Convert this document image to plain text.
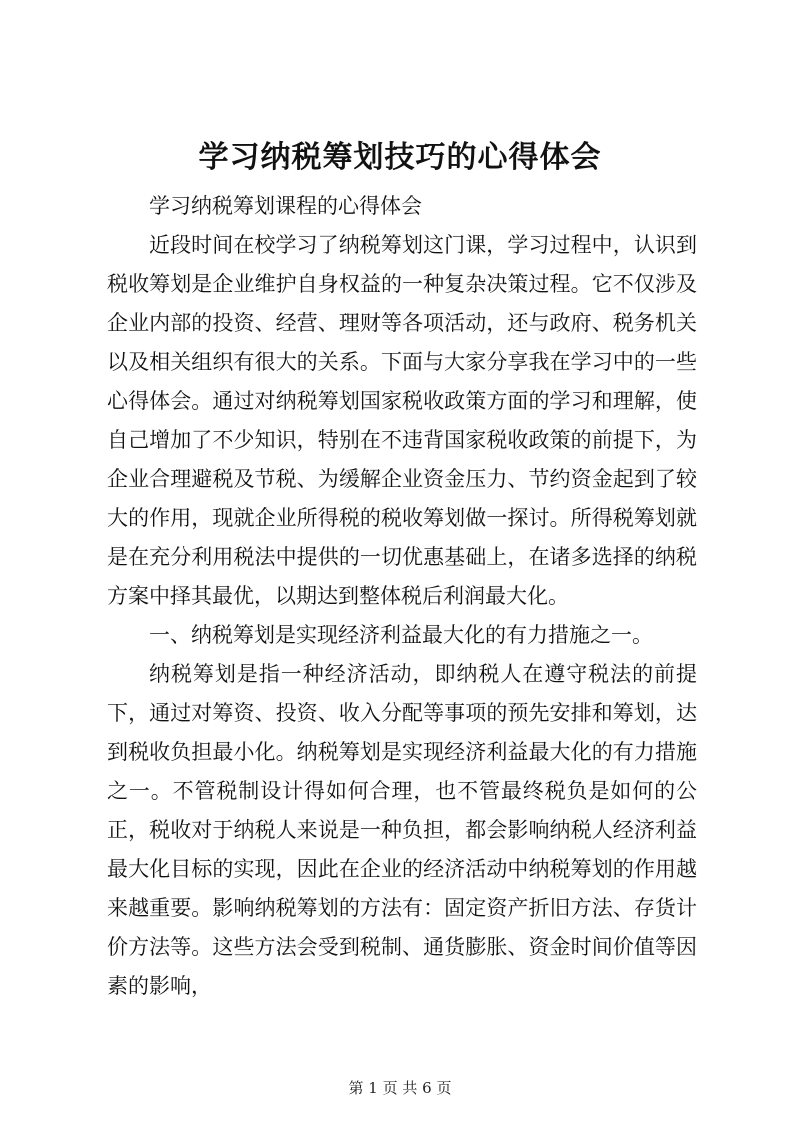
学习纳税筹划技巧的心得体会

学习纳税筹划课程的心得体会

近段时间在校学习了纳税筹划这门课，学习过程中，认识到税收筹划是企业维护自身权益的一种复杂决策过程。它不仅涉及企业内部的投资、经营、理财等各项活动，还与政府、税务机关以及相关组织有很大的关系。下面与大家分享我在学习中的一些心得体会。通过对纳税筹划国家税收政策方面的学习和理解，使自己增加了不少知识，特别在不违背国家税收政策的前提下，为企业合理避税及节税、为缓解企业资金压力、节约资金起到了较大的作用，现就企业所得税的税收筹划做一探讨。所得税筹划就是在充分利用税法中提供的一切优惠基础上，在诸多选择的纳税方案中择其最优，以期达到整体税后利润最大化。

一、纳税筹划是实现经济利益最大化的有力措施之一。

纳税筹划是指一种经济活动，即纳税人在遵守税法的前提下，通过对筹资、投资、收入分配等事项的预先安排和筹划，达到税收负担最小化。纳税筹划是实现经济利益最大化的有力措施之一。不管税制设计得如何合理，也不管最终税负是如何的公正，税收对于纳税人来说是一种负担，都会影响纳税人经济利益最大化目标的实现，因此在企业的经济活动中纳税筹划的作用越来越重要。影响纳税筹划的方法有：固定资产折旧方法、存货计价方法等。这些方法会受到税制、通货膨胀、资金时间价值等因素的影响，

第 1 页 共 6 页
